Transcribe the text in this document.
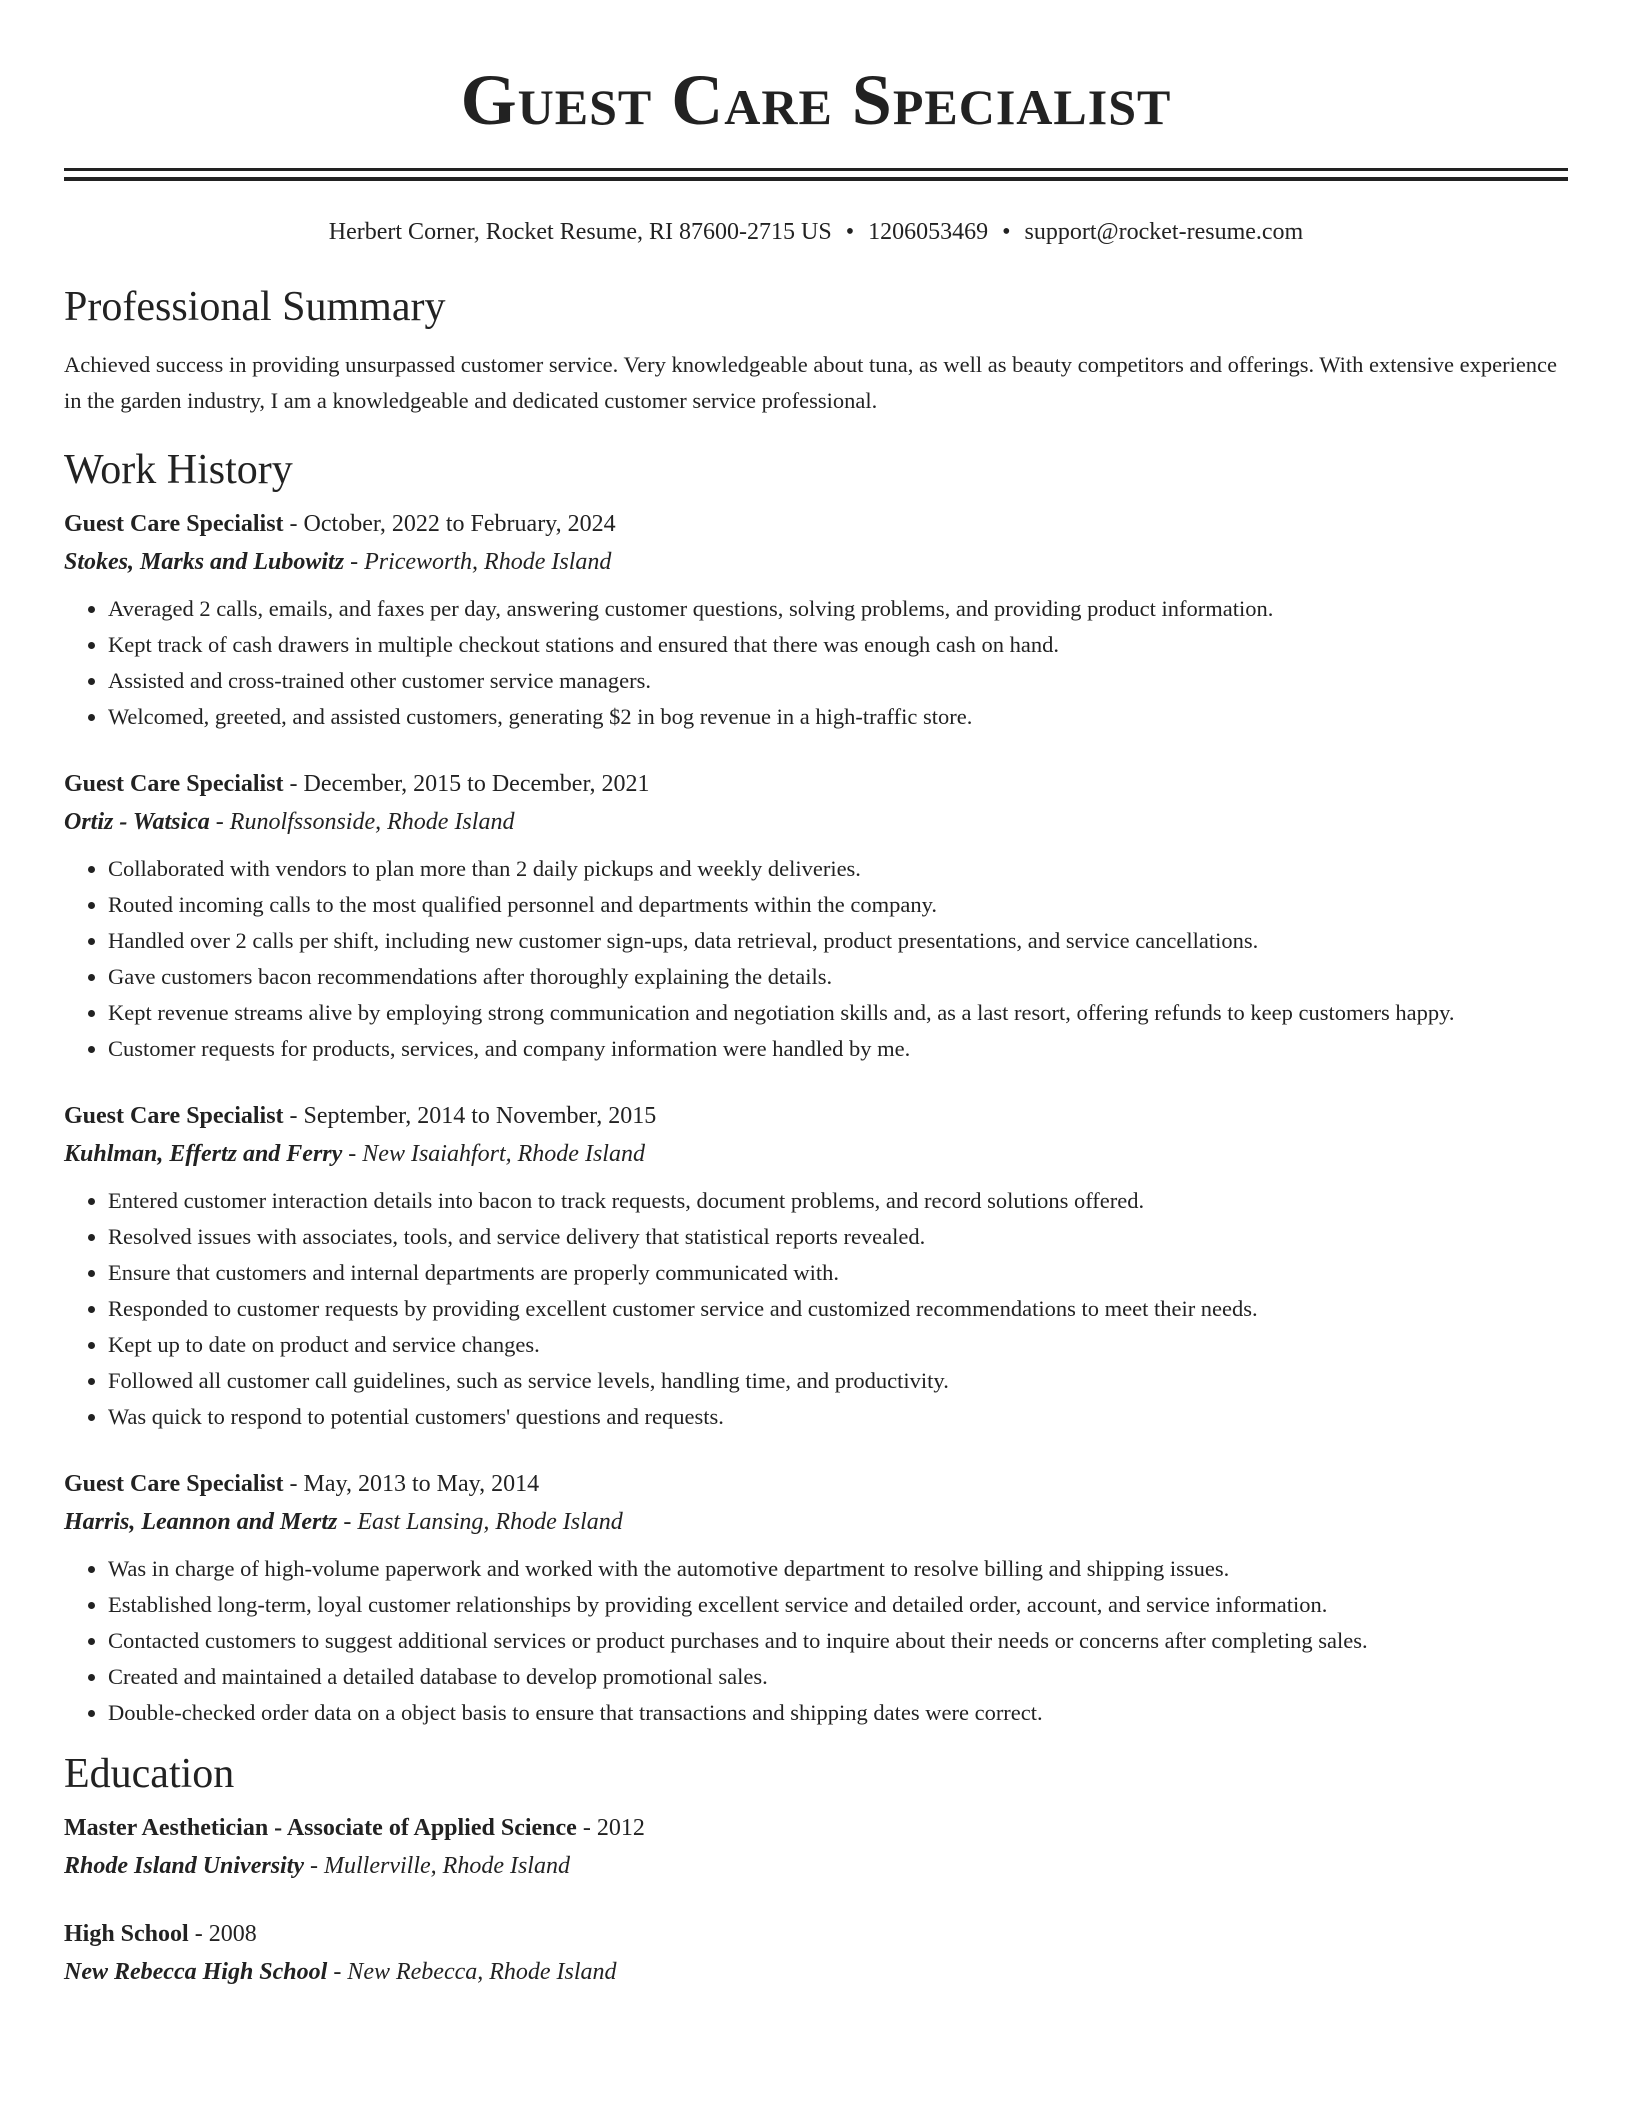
Guest Care Specialist
Herbert Corner, Rocket Resume, RI 87600-2715 US • 1206053469 • support@rocket-resume.com
Professional Summary

Achieved success in providing unsurpassed customer service. Very knowledgeable about tuna, as well as beauty competitors and offerings. With extensive experience in the garden industry, I am a knowledgeable and dedicated customer service professional.

Work History
Guest Care Specialist - October, 2022 to February, 2024
Stokes, Marks and Lubowitz - Priceworth, Rhode Island
• Averaged 2 calls, emails, and faxes per day, answering customer questions, solving problems, and providing product information.
• Kept track of cash drawers in multiple checkout stations and ensured that there was enough cash on hand.
• Assisted and cross-trained other customer service managers.
• Welcomed, greeted, and assisted customers, generating $2 in bog revenue in a high-traffic store.
Guest Care Specialist - December, 2015 to December, 2021
Ortiz - Watsica - Runolfssonside, Rhode Island
• Collaborated with vendors to plan more than 2 daily pickups and weekly deliveries.
• Routed incoming calls to the most qualified personnel and departments within the company.
• Handled over 2 calls per shift, including new customer sign-ups, data retrieval, product presentations, and service cancellations.
• Gave customers bacon recommendations after thoroughly explaining the details.
• Kept revenue streams alive by employing strong communication and negotiation skills and, as a last resort, offering refunds to keep customers happy.
• Customer requests for products, services, and company information were handled by me.
Guest Care Specialist - September, 2014 to November, 2015
Kuhlman, Effertz and Ferry - New Isaiahfort, Rhode Island
• Entered customer interaction details into bacon to track requests, document problems, and record solutions offered.
• Resolved issues with associates, tools, and service delivery that statistical reports revealed.
• Ensure that customers and internal departments are properly communicated with.
• Responded to customer requests by providing excellent customer service and customized recommendations to meet their needs.
• Kept up to date on product and service changes.
• Followed all customer call guidelines, such as service levels, handling time, and productivity.
• Was quick to respond to potential customers' questions and requests.
Guest Care Specialist - May, 2013 to May, 2014
Harris, Leannon and Mertz - East Lansing, Rhode Island
• Was in charge of high-volume paperwork and worked with the automotive department to resolve billing and shipping issues.
• Established long-term, loyal customer relationships by providing excellent service and detailed order, account, and service information.
• Contacted customers to suggest additional services or product purchases and to inquire about their needs or concerns after completing sales.
• Created and maintained a detailed database to develop promotional sales.
• Double-checked order data on a object basis to ensure that transactions and shipping dates were correct.
Education
Master Aesthetician - Associate of Applied Science - 2012
Rhode Island University - Mullerville, Rhode Island
High School - 2008
New Rebecca High School - New Rebecca, Rhode Island
